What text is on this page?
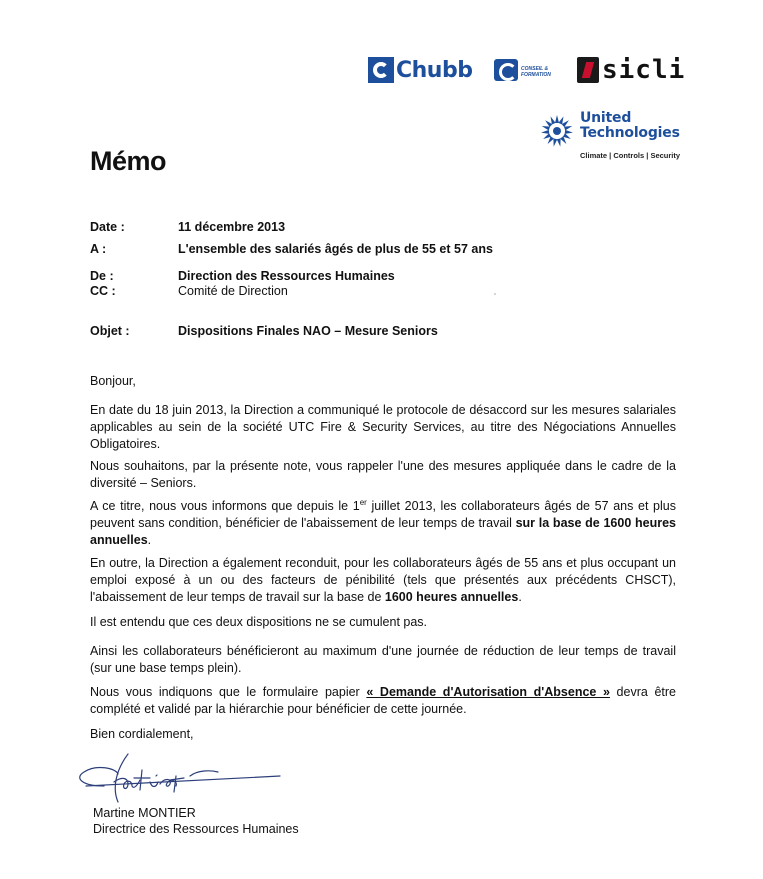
Chubb	CONSEIL & FORMATION	sicli
United
Technologies
Climate | Controls | Security
Mémo
Date :	11 décembre 2013
A :	L'ensemble des salariés âgés de plus de 55 et 57 ans
De :	Direction des Ressources Humaines
CC :	Comité de Direction
Objet :	Dispositions Finales NAO – Mesure Seniors

Bonjour,

En date du 18 juin 2013, la Direction a communiqué le protocole de désaccord sur les mesures salariales applicables au sein de la société UTC Fire & Security Services, au titre des Négociations Annuelles Obligatoires.

Nous souhaitons, par la présente note, vous rappeler l'une des mesures appliquée dans le cadre de la diversité – Seniors.

A ce titre, nous vous informons que depuis le 1er juillet 2013, les collaborateurs âgés de 57 ans et plus peuvent sans condition, bénéficier de l'abaissement de leur temps de travail sur la base de 1600 heures annuelles.

En outre, la Direction a également reconduit, pour les collaborateurs âgés de 55 ans et plus occupant un emploi exposé à un ou des facteurs de pénibilité (tels que présentés aux précédents CHSCT), l'abaissement de leur temps de travail sur la base de 1600 heures annuelles.

Il est entendu que ces deux dispositions ne se cumulent pas.

Ainsi les collaborateurs bénéficieront au maximum d'une journée de réduction de leur temps de travail (sur une base temps plein).

Nous vous indiquons que le formulaire papier « Demande d'Autorisation d'Absence » devra être complété et validé par la hiérarchie pour bénéficier de cette journée.

Bien cordialement,

Martine MONTIER
Directrice des Ressources Humaines
